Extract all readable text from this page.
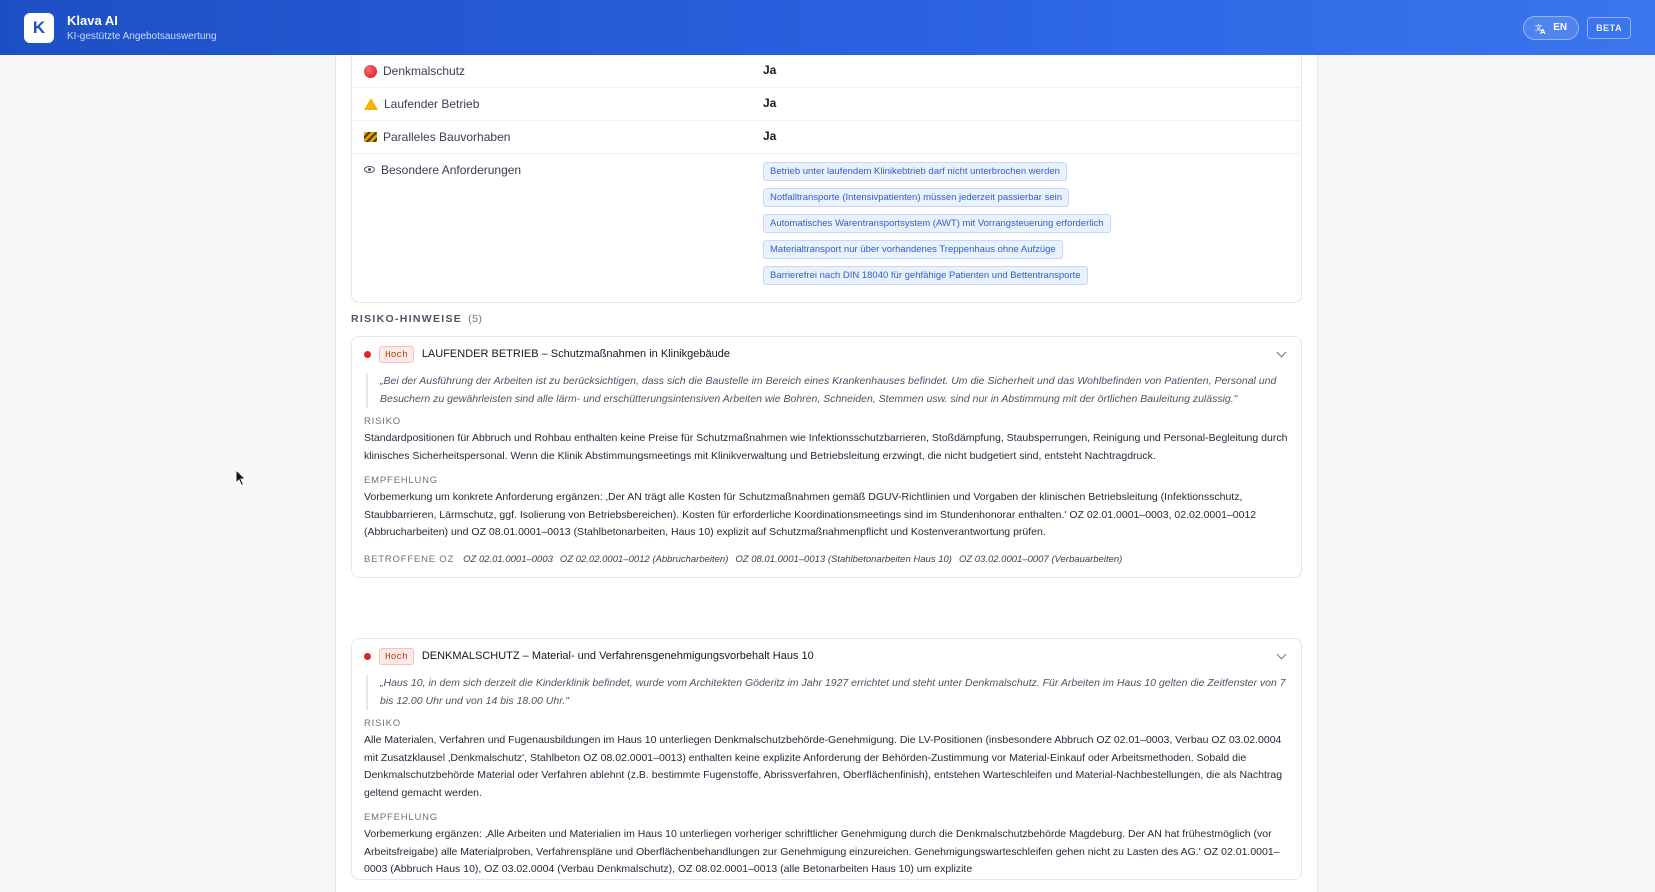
K	Klava AI
KI-gestützte Angebotsauswertung
文
A EN	BETA
Denkmalschutz	Ja
Laufender Betrieb	Ja
Paralleles Bauvorhaben	Ja
Besondere Anforderungen	Betrieb unter laufendem Klinikebtrieb darf nicht unterbrochen werden
Notfalltransporte (Intensivpatienten) müssen jederzeit passierbar sein
Automatisches Warentransportsystem (AWT) mit Vorrangsteuerung erforderlich
Materialtransport nur über vorhandenes Treppenhaus ohne Aufzüge
Barrierefrei nach DIN 18040 für gehfähige Patienten und Bettentransporte
RISIKO-HINWEISE (5)
Hoch	LAUFENDER BETRIEB – Schutzmaßnahmen in Klinikgebäude
„Bei der Ausführung der Arbeiten ist zu berücksichtigen, dass sich die Baustelle im Bereich eines Krankenhauses befindet. Um die Sicherheit und das Wohlbefinden von Patienten, Personal und Besuchern zu gewährleisten sind alle lärm- und erschütterungsintensiven Arbeiten wie Bohren, Schneiden, Stemmen usw. sind nur in Abstimmung mit der örtlichen Bauleitung zulässig."
RISIKO
Standardpositionen für Abbruch und Rohbau enthalten keine Preise für Schutzmaßnahmen wie Infektionsschutzbarrieren, Stoßdämpfung, Staubsperrungen, Reinigung und Personal-Begleitung durch klinisches Sicherheitspersonal. Wenn die Klinik Abstimmungsmeetings mit Klinikverwaltung und Betriebsleitung erzwingt, die nicht budgetiert sind, entsteht Nachtragdruck.
EMPFEHLUNG
Vorbemerkung um konkrete Anforderung ergänzen: ‚Der AN trägt alle Kosten für Schutzmaßnahmen gemäß DGUV-Richtlinien und Vorgaben der klinischen Betriebsleitung (Infektionsschutz, Staubbarrieren, Lärmschutz, ggf. Isolierung von Betriebsbereichen). Kosten für erforderliche Koordinationsmeetings sind im Stundenhonorar enthalten.' OZ 02.01.0001–0003, 02.02.0001–0012 (Abbrucharbeiten) und OZ 08.01.0001–0013 (Stahlbetonarbeiten, Haus 10) explizit auf Schutzmaßnahmenpflicht und Kostenverantwortung prüfen.
BETROFFENE OZ OZ 02.01.0001–0003 OZ 02.02.0001–0012 (Abbrucharbeiten) OZ 08.01.0001–0013 (Stahlbetonarbeiten Haus 10) OZ 03.02.0001–0007 (Verbauarbeiten)
Hoch	DENKMALSCHUTZ – Material- und Verfahrensgenehmigungsvorbehalt Haus 10
„Haus 10, in dem sich derzeit die Kinderklinik befindet, wurde vom Architekten Göderitz im Jahr 1927 errichtet und steht unter Denkmalschutz. Für Arbeiten im Haus 10 gelten die Zeitfenster von 7 bis 12.00 Uhr und von 14 bis 18.00 Uhr."
RISIKO
Alle Materialen, Verfahren und Fugenausbildungen im Haus 10 unterliegen Denkmalschutzbehörde-Genehmigung. Die LV-Positionen (insbesondere Abbruch OZ 02.01–0003, Verbau OZ 03.02.0004 mit Zusatzklausel ‚Denkmalschutz', Stahlbeton OZ 08.02.0001–0013) enthalten keine explizite Anforderung der Behörden-Zustimmung vor Material-Einkauf oder Arbeitsmethoden. Sobald die Denkmalschutzbehörde Material oder Verfahren ablehnt (z.B. bestimmte Fugenstoffe, Abrissverfahren, Oberflächenfinish), entstehen Warteschleifen und Material-Nachbestellungen, die als Nachtrag geltend gemacht werden.
EMPFEHLUNG
Vorbemerkung ergänzen: ‚Alle Arbeiten und Materialien im Haus 10 unterliegen vorheriger schriftlicher Genehmigung durch die Denkmalschutzbehörde Magdeburg. Der AN hat frühestmöglich (vor Arbeitsfreigabe) alle Materialproben, Verfahrenspläne und Oberflächenbehandlungen zur Genehmigung einzureichen. Genehmigungswarteschleifen gehen nicht zu Lasten des AG.' OZ 02.01.0001–0003 (Abbruch Haus 10), OZ 03.02.0004 (Verbau Denkmalschutz), OZ 08.02.0001–0013 (alle Betonarbeiten Haus 10) um explizite
